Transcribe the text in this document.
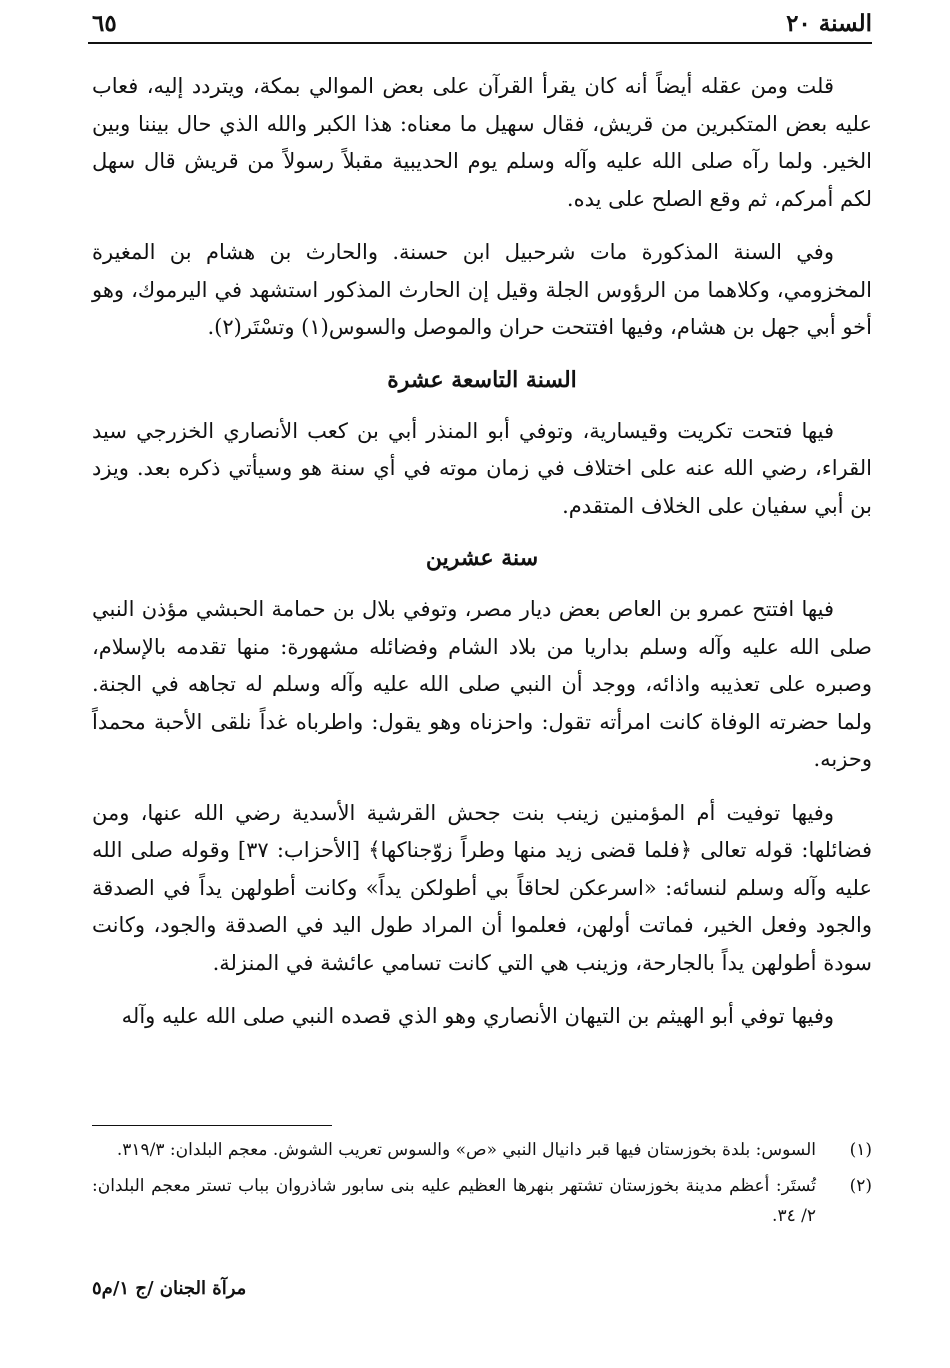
السنة ٢٠
٦٥

قلت ومن عقله أيضاً أنه كان يقرأ القرآن على بعض الموالي بمكة، ويتردد إليه، فعاب عليه بعض المتكبرين من قريش، فقال سهيل ما معناه: هذا الكبر والله الذي حال بيننا وبين الخير. ولما رآه صلى الله عليه وآله وسلم يوم الحديبية مقبلاً رسولاً من قريش قال سهل لكم أمركم، ثم وقع الصلح على يده.

وفي السنة المذكورة مات شرحبيل ابن حسنة. والحارث بن هشام بن المغيرة المخزومي، وكلاهما من الرؤوس الجلة وقيل إن الحارث المذكور استشهد في اليرموك، وهو أخو أبي جهل بن هشام، وفيها افتتحت حران والموصل والسوس(١) وتسْتَر(٢).

السنة التاسعة عشرة

فيها فتحت تكريت وقيسارية، وتوفي أبو المنذر أبي بن كعب الأنصاري الخزرجي سيد القراء، رضي الله عنه على اختلاف في زمان موته في أي سنة هو وسيأتي ذكره بعد. ويزد بن أبي سفيان على الخلاف المتقدم.

سنة عشرين

فيها افتتح عمرو بن العاص بعض ديار مصر، وتوفي بلال بن حمامة الحبشي مؤذن النبي صلى الله عليه وآله وسلم بداريا من بلاد الشام وفضائله مشهورة: منها تقدمه بالإسلام، وصبره على تعذيبه واذائه، ووجد أن النبي صلى الله عليه وآله وسلم له تجاهه في الجنة. ولما حضرته الوفاة كانت امرأته تقول: واحزناه وهو يقول: واطرباه غداً نلقى الأحبة محمداً وحزبه.

وفيها توفيت أم المؤمنين زينب بنت جحش القرشية الأسدية رضي الله عنها، ومن فضائلها: قوله تعالى ﴿فلما قضى زيد منها وطراً زوّجناكها﴾ [الأحزاب: ٣٧] وقوله صلى الله عليه وآله وسلم لنسائه: «اسرعكن لحاقاً بي أطولكن يداً» وكانت أطولهن يداً في الصدقة والجود وفعل الخير، فماتت أولهن، فعلموا أن المراد طول اليد في الصدقة والجود، وكانت سودة أطولهن يداً بالجارحة، وزينب هي التي كانت تسامي عائشة في المنزلة.

وفيها توفي أبو الهيثم بن التيهان الأنصاري وهو الذي قصده النبي صلى الله عليه وآله

(١)
السوس: بلدة بخوزستان فيها قبر دانيال النبي «ص» والسوس تعريب الشوش. معجم البلدان: ٣١٩/٣.
(٢)
تُستَر: أعظم مدينة بخوزستان تشتهر بنهرها العظيم عليه بنى سابور شاذروان بباب تستر معجم البلدان: ٢/ ٣٤.
مرآة الجنان /ج ١/م٥
